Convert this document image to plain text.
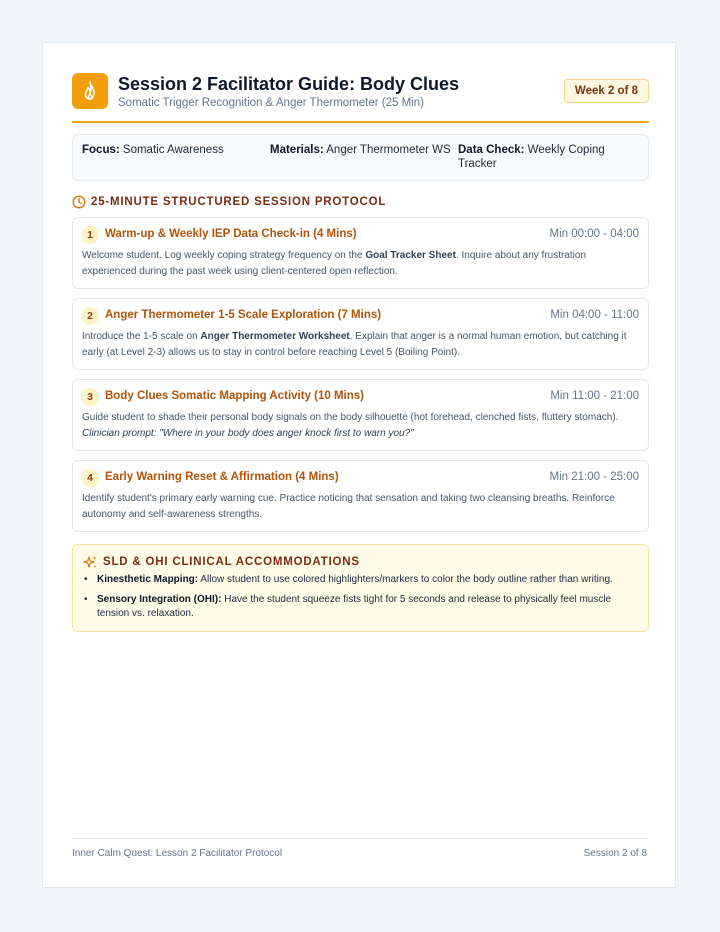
Session 2 Facilitator Guide: Body Clues
Somatic Trigger Recognition & Anger Thermometer (25 Min)
Week 2 of 8
Focus: Somatic Awareness	Materials: Anger Thermometer WS Data Check: Weekly Coping Tracker
25-MINUTE STRUCTURED SESSION PROTOCOL
1	Warm-up & Weekly IEP Data Check-in (4 Mins)	Min 00:00 - 04:00
Welcome student. Log weekly coping strategy frequency on the Goal Tracker Sheet. Inquire about any frustration experienced during the past week using client-centered open reflection.
2	Anger Thermometer 1-5 Scale Exploration (7 Mins)	Min 04:00 - 11:00
Introduce the 1-5 scale on Anger Thermometer Worksheet. Explain that anger is a normal human emotion, but catching it early (at Level 2-3) allows us to stay in control before reaching Level 5 (Boiling Point).
3	Body Clues Somatic Mapping Activity (10 Mins)	Min 11:00 - 21:00
Guide student to shade their personal body signals on the body silhouette (hot forehead, clenched fists, fluttery stomach). Clinician prompt: "Where in your body does anger knock first to warn you?"
4	Early Warning Reset & Affirmation (4 Mins)	Min 21:00 - 25:00
Identify student's primary early warning cue. Practice noticing that sensation and taking two cleansing breaths. Reinforce autonomy and self-awareness strengths.
SLD & OHI CLINICAL ACCOMMODATIONS
• Kinesthetic Mapping: Allow student to use colored highlighters/markers to color the body outline rather than writing.
• Sensory Integration (OHI): Have the student squeeze fists tight for 5 seconds and release to physically feel muscle tension vs. relaxation.
Inner Calm Quest: Lesson 2 Facilitator Protocol	Session 2 of 8
